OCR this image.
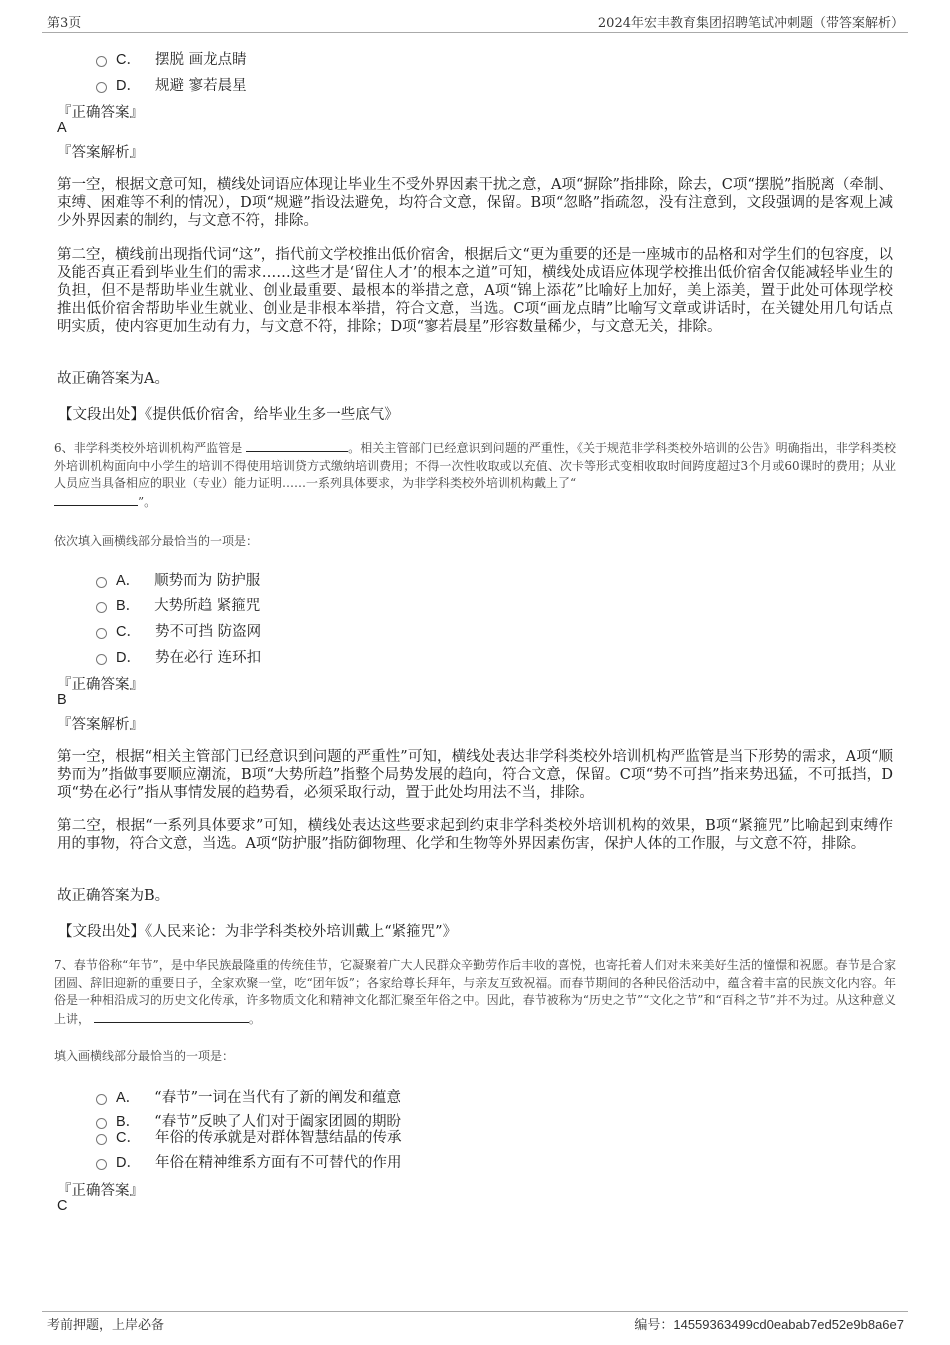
第3页	2024年宏丰教育集团招聘笔试冲刺题（带答案解析）
C． 摆脱 画龙点睛
D． 规避 寥若晨星
『正确答案』
A
『答案解析』
第一空，根据文意可知，横线处词语应体现让毕业生不受外界因素干扰之意，A项“摒除”指排除，除去，C项“摆脱”指脱离（牵制、束缚、困难等不利的情况），D项“规避”指设法避免，均符合文意，保留。B项“忽略”指疏忽，没有注意到，文段强调的是客观上减少外界因素的制约，与文意不符，排除。
第二空，横线前出现指代词“这”，指代前文学校推出低价宿舍，根据后文“更为重要的还是一座城市的品格和对学生们的包容度，以及能否真正看到毕业生们的需求……这些才是‘留住人才’的根本之道”可知，横线处成语应体现学校推出低价宿舍仅能减轻毕业生的负担，但不是帮助毕业生就业、创业最重要、最根本的举措之意，A项“锦上添花”比喻好上加好，美上添美，置于此处可体现学校推出低价宿舍帮助毕业生就业、创业是非根本举措，符合文意，当选。C项“画龙点睛”比喻写文章或讲话时，在关键处用几句话点明实质，使内容更加生动有力，与文意不符，排除；D项“寥若晨星”形容数量稀少，与文意无关，排除。
故正确答案为A。
【文段出处】《提供低价宿舍，给毕业生多一些底气》
6、非学科类校外培训机构严监管是	。相关主管部门已经意识到问题的严重性，《关于规范非学科类校外培训的公告》明确指出，非学科类校外培训机构面向中小学生的培训不得使用培训贷方式缴纳培训费用；不得一次性收取或以充值、次卡等形式变相收取时间跨度超过3个月或60课时的费用；从业人员应当具备相应的职业（专业）能力证明……一系列具体要求，为非学科类校外培训机构戴上了“
”。
依次填入画横线部分最恰当的一项是：
A． 顺势而为 防护服
B． 大势所趋 紧箍咒
C． 势不可挡 防盗网
D． 势在必行 连环扣
『正确答案』
B
『答案解析』
第一空，根据“相关主管部门已经意识到问题的严重性”可知，横线处表达非学科类校外培训机构严监管是当下形势的需求，A项“顺势而为”指做事要顺应潮流，B项“大势所趋”指整个局势发展的趋向，符合文意，保留。C项“势不可挡”指来势迅猛，不可抵挡，D项“势在必行”指从事情发展的趋势看，必须采取行动，置于此处均用法不当，排除。
第二空，根据“一系列具体要求”可知，横线处表达这些要求起到约束非学科类校外培训机构的效果，B项“紧箍咒”比喻起到束缚作用的事物，符合文意，当选。A项“防护服”指防御物理、化学和生物等外界因素伤害，保护人体的工作服，与文意不符，排除。
故正确答案为B。
【文段出处】《人民来论：为非学科类校外培训戴上“紧箍咒”》
7、春节俗称“年节”，是中华民族最隆重的传统佳节，它凝聚着广大人民群众辛勤劳作后丰收的喜悦，也寄托着人们对未来美好生活的憧憬和祝愿。春节是合家团圆、辞旧迎新的重要日子，全家欢聚一堂，吃“团年饭”；各家给尊长拜年，与亲友互致祝福。而春节期间的各种民俗活动中，蕴含着丰富的民族文化内容。年俗是一种相沿成习的历史文化传承，许多物质文化和精神文化都汇聚至年俗之中。因此，春节被称为“历史之节”“文化之节”和“百科之节”并不为过。从这种意义上讲，	。
填入画横线部分最恰当的一项是：
A． “春节”一词在当代有了新的阐发和蕴意
B． “春节”反映了人们对于阖家团圆的期盼
C． 年俗的传承就是对群体智慧结晶的传承
D． 年俗在精神维系方面有不可替代的作用
『正确答案』
C
考前押题，上岸必备	编号：14559363499cd0eabab7ed52e9b8a6e7
